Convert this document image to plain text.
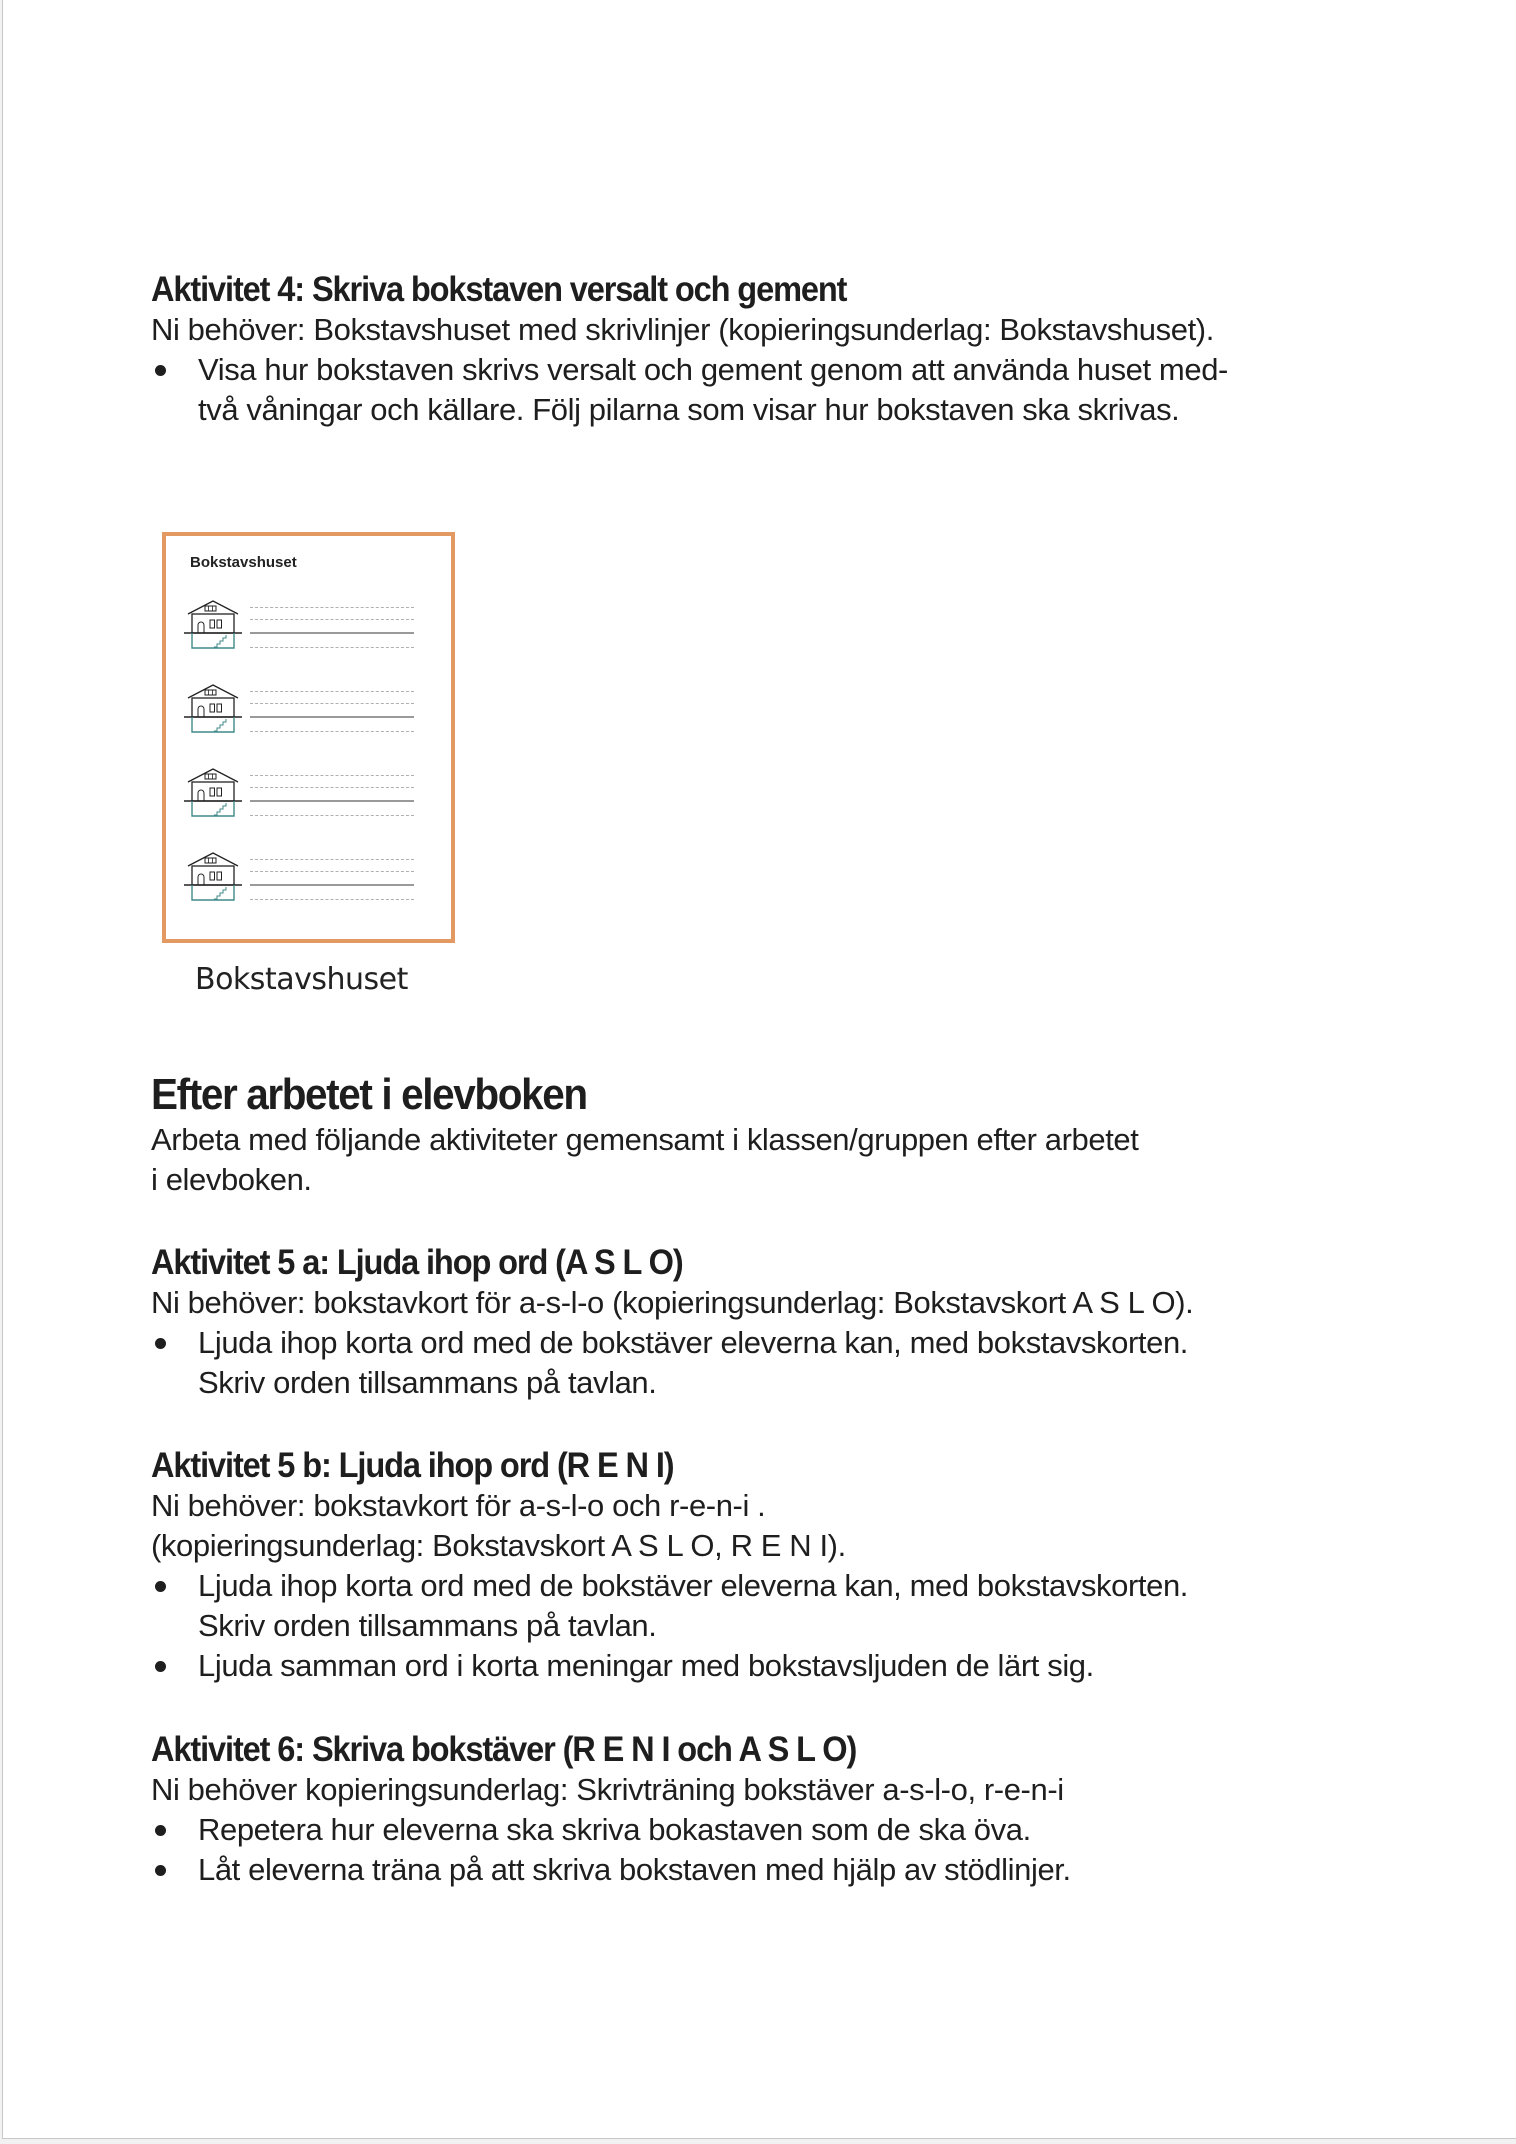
Aktivitet 4: Skriva bokstaven versalt och gement

Ni behöver: Bokstavshuset med skrivlinjer (kopieringsunderlag: Bokstavshuset).

Visa hur bokstaven skrivs versalt och gement genom att använda huset med-
två våningar och källare. Följ pilarna som visar hur bokstaven ska skrivas.
Bokstavshuset
Bokstavshuset
Efter arbetet i elevboken

Arbeta med följande aktiviteter gemensamt i klassen/gruppen efter arbetet

i elevboken.

Aktivitet 5 a: Ljuda ihop ord (A S L O)

Ni behöver: bokstavkort för a-s-l-o (kopieringsunderlag: Bokstavskort A S L O).

Ljuda ihop korta ord med de bokstäver eleverna kan, med bokstavskorten.
Skriv orden tillsammans på tavlan.
Aktivitet 5 b: Ljuda ihop ord (R E N I)

Ni behöver: bokstavkort för a-s-l-o och r-e-n-i .

(kopieringsunderlag: Bokstavskort A S L O, R E N I).

Ljuda ihop korta ord med de bokstäver eleverna kan, med bokstavskorten.
Skriv orden tillsammans på tavlan.
Ljuda samman ord i korta meningar med bokstavsljuden de lärt sig.
Aktivitet 6: Skriva bokstäver (R E N I och A S L O)

Ni behöver kopieringsunderlag: Skrivträning bokstäver a-s-l-o, r-e-n-i

Repetera hur eleverna ska skriva bokastaven som de ska öva.
Låt eleverna träna på att skriva bokstaven med hjälp av stödlinjer.
